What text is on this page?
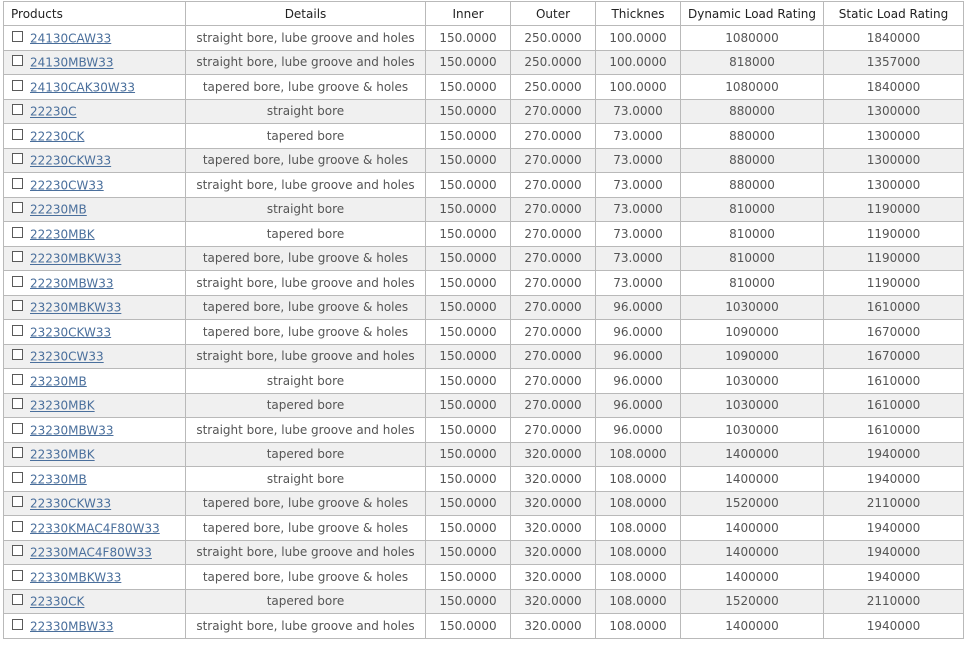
Products	Details	Inner	Outer	Thicknes	Dynamic Load Rating	Static Load Rating
24130CAW33	straight bore, lube groove and holes	150.0000	250.0000	100.0000	1080000	1840000
24130MBW33	straight bore, lube groove and holes	150.0000	250.0000	100.0000	818000	1357000
24130CAK30W33	tapered bore, lube groove & holes	150.0000	250.0000	100.0000	1080000	1840000
22230C	straight bore	150.0000	270.0000	73.0000	880000	1300000
22230CK	tapered bore	150.0000	270.0000	73.0000	880000	1300000
22230CKW33	tapered bore, lube groove & holes	150.0000	270.0000	73.0000	880000	1300000
22230CW33	straight bore, lube groove and holes	150.0000	270.0000	73.0000	880000	1300000
22230MB	straight bore	150.0000	270.0000	73.0000	810000	1190000
22230MBK	tapered bore	150.0000	270.0000	73.0000	810000	1190000
22230MBKW33	tapered bore, lube groove & holes	150.0000	270.0000	73.0000	810000	1190000
22230MBW33	straight bore, lube groove and holes	150.0000	270.0000	73.0000	810000	1190000
23230MBKW33	tapered bore, lube groove & holes	150.0000	270.0000	96.0000	1030000	1610000
23230CKW33	tapered bore, lube groove & holes	150.0000	270.0000	96.0000	1090000	1670000
23230CW33	straight bore, lube groove and holes	150.0000	270.0000	96.0000	1090000	1670000
23230MB	straight bore	150.0000	270.0000	96.0000	1030000	1610000
23230MBK	tapered bore	150.0000	270.0000	96.0000	1030000	1610000
23230MBW33	straight bore, lube groove and holes	150.0000	270.0000	96.0000	1030000	1610000
22330MBK	tapered bore	150.0000	320.0000	108.0000	1400000	1940000
22330MB	straight bore	150.0000	320.0000	108.0000	1400000	1940000
22330CKW33	tapered bore, lube groove & holes	150.0000	320.0000	108.0000	1520000	2110000
22330KMAC4F80W33	tapered bore, lube groove & holes	150.0000	320.0000	108.0000	1400000	1940000
22330MAC4F80W33	straight bore, lube groove and holes	150.0000	320.0000	108.0000	1400000	1940000
22330MBKW33	tapered bore, lube groove & holes	150.0000	320.0000	108.0000	1400000	1940000
22330CK	tapered bore	150.0000	320.0000	108.0000	1520000	2110000
22330MBW33	straight bore, lube groove and holes	150.0000	320.0000	108.0000	1400000	1940000
